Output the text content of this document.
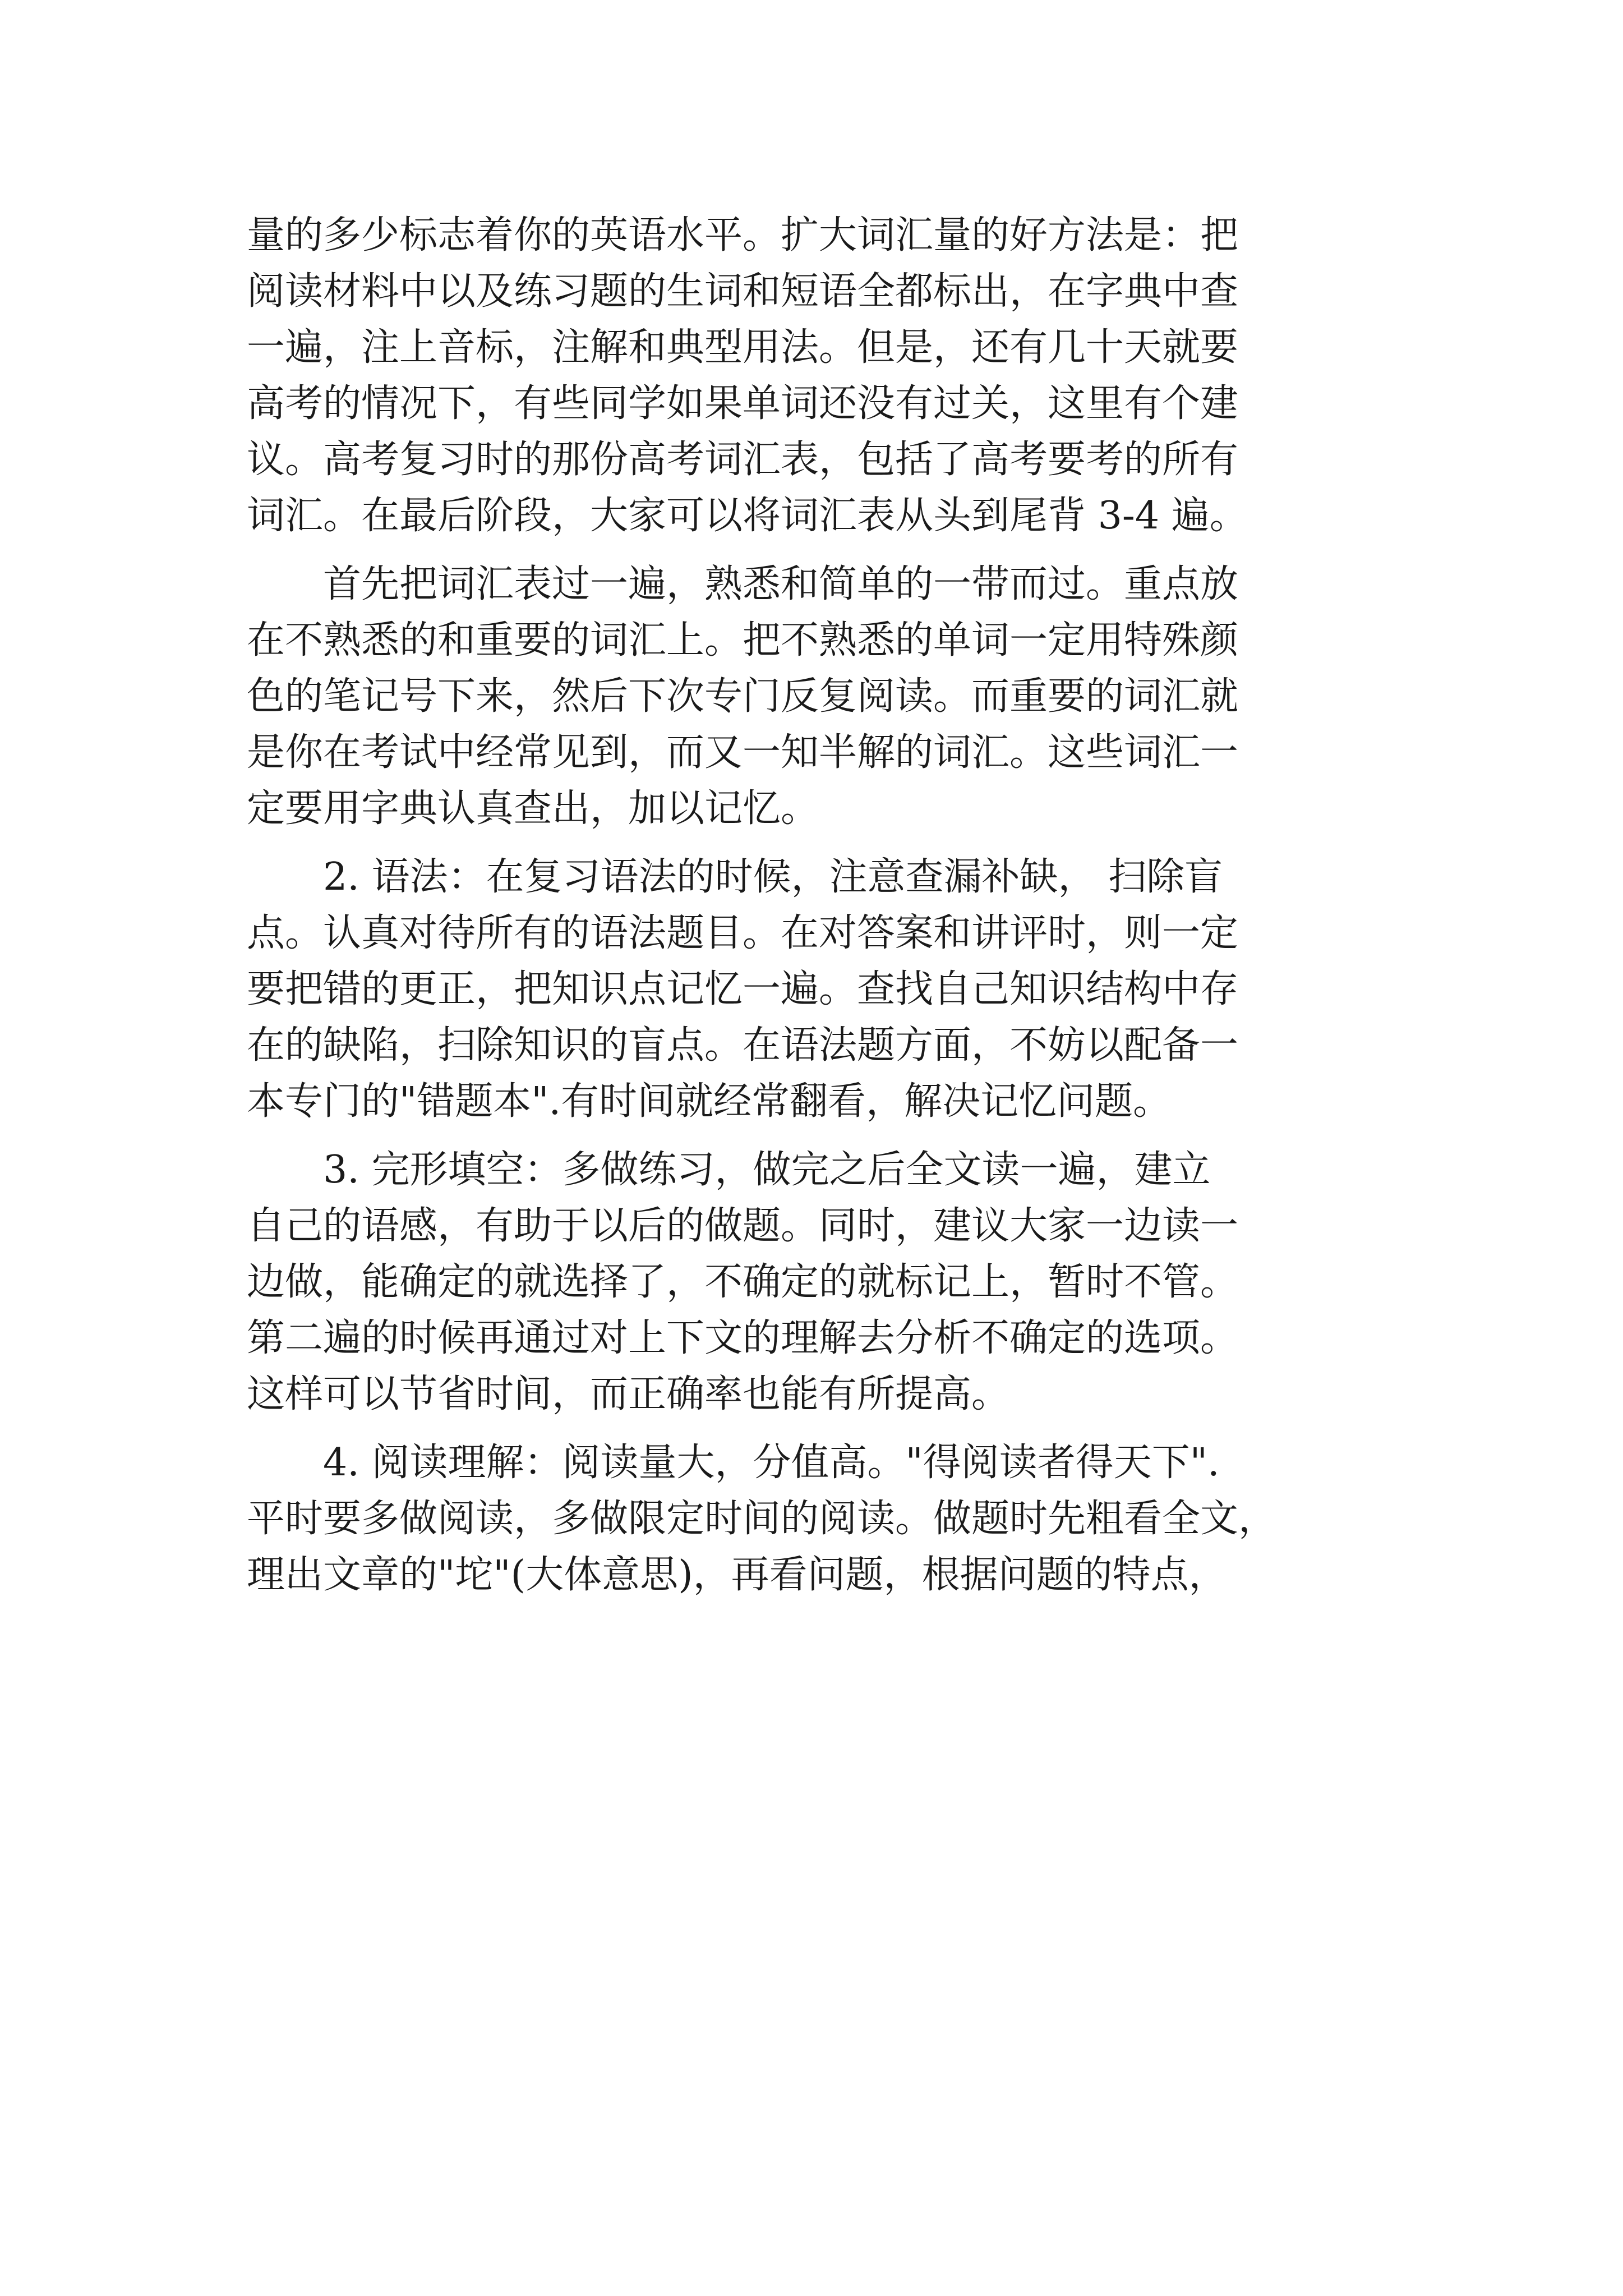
量的多少标志着你的英语水平。扩大词汇量的好方法是：把
阅读材料中以及练习题的生词和短语全都标出，在字典中查
一遍，注上音标，注解和典型用法。但是，还有几十天就要
高考的情况下，有些同学如果单词还没有过关，这里有个建
议。高考复习时的那份高考词汇表，包括了高考要考的所有
词汇。在最后阶段，大家可以将词汇表从头到尾背 3-4 遍。
首先把词汇表过一遍，熟悉和简单的一带而过。重点放
在不熟悉的和重要的词汇上。把不熟悉的单词一定用特殊颜
色的笔记号下来，然后下次专门反复阅读。而重要的词汇就
是你在考试中经常见到，而又一知半解的词汇。这些词汇一
定要用字典认真查出，加以记忆。
2. 语法：在复习语法的时候，注意查漏补缺， 扫除盲
点。认真对待所有的语法题目。在对答案和讲评时，则一定
要把错的更正，把知识点记忆一遍。查找自己知识结构中存
在的缺陷，扫除知识的盲点。在语法题方面，不妨以配备一
本专门的"错题本".有时间就经常翻看，解决记忆问题。
3. 完形填空：多做练习，做完之后全文读一遍，建立
自己的语感，有助于以后的做题。同时，建议大家一边读一
边做，能确定的就选择了，不确定的就标记上，暂时不管。
第二遍的时候再通过对上下文的理解去分析不确定的选项。
这样可以节省时间，而正确率也能有所提高。
4. 阅读理解：阅读量大，分值高。"得阅读者得天下".
平时要多做阅读，多做限定时间的阅读。做题时先粗看全文，
理出文章的"坨"(大体意思)，再看问题，根据问题的特点，
